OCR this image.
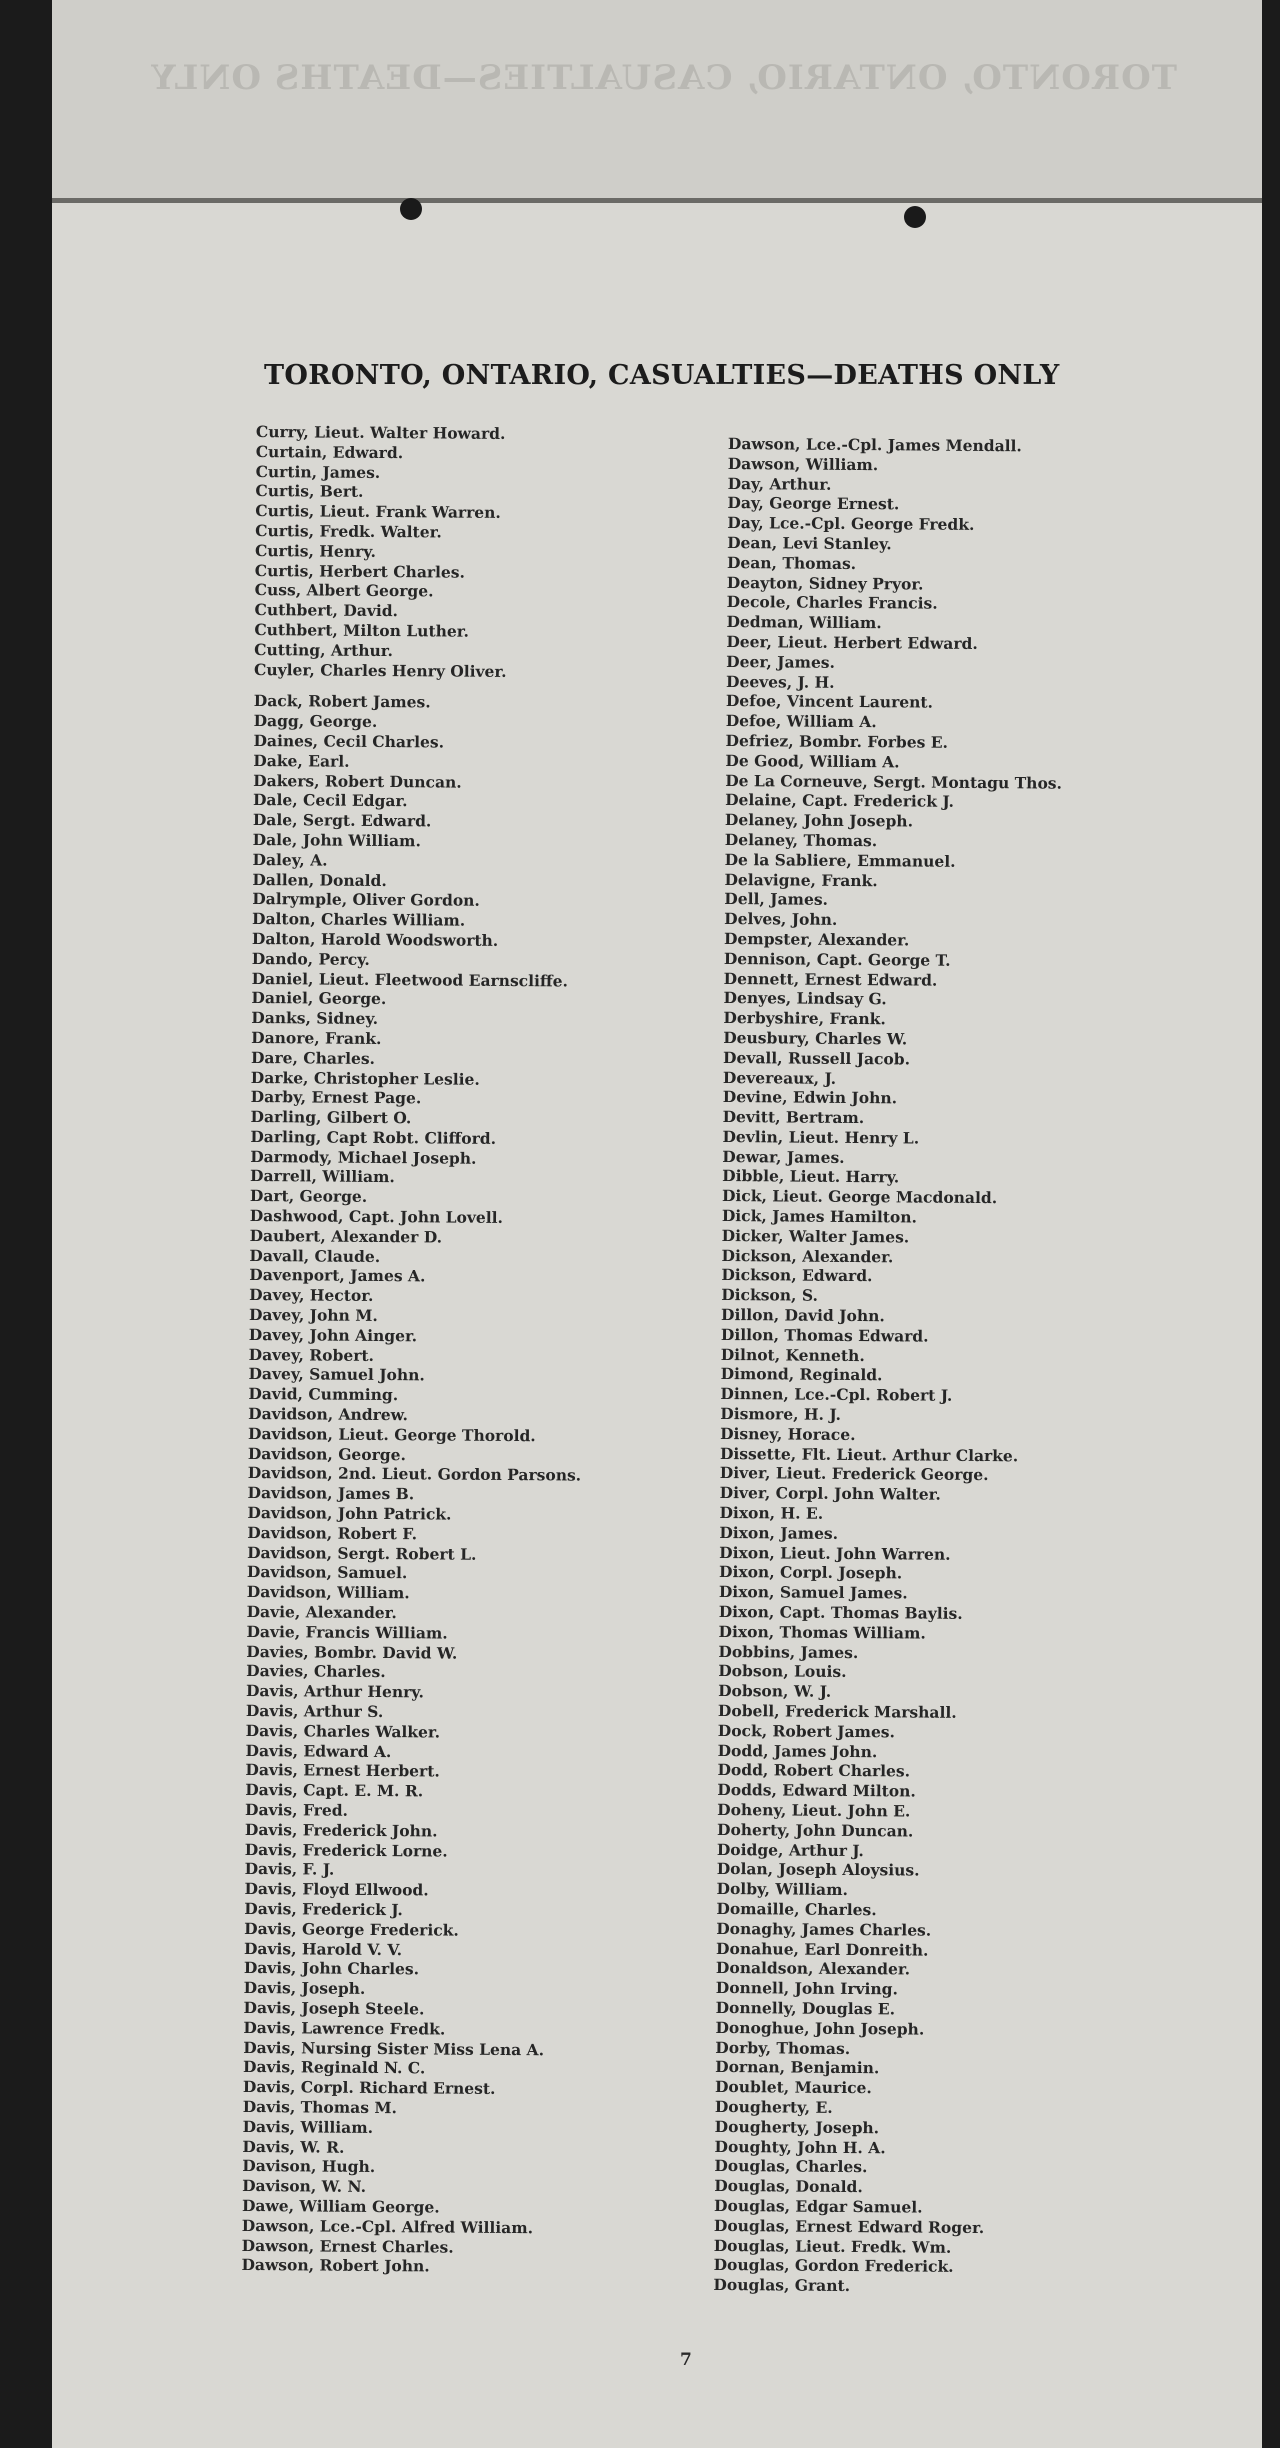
TORONTO, ONTARIO, CASUALTIES—DEATHS ONLY
TORONTO, ONTARIO, CASUALTIES—DEATHS ONLY
Curry, Lieut. Walter Howard.
Curtain, Edward.
Curtin, James.
Curtis, Bert.
Curtis, Lieut. Frank Warren.
Curtis, Fredk. Walter.
Curtis, Henry.
Curtis, Herbert Charles.
Cuss, Albert George.
Cuthbert, David.
Cuthbert, Milton Luther.
Cutting, Arthur.
Cuyler, Charles Henry Oliver.
Dack, Robert James.
Dagg, George.
Daines, Cecil Charles.
Dake, Earl.
Dakers, Robert Duncan.
Dale, Cecil Edgar.
Dale, Sergt. Edward.
Dale, John William.
Daley, A.
Dallen, Donald.
Dalrymple, Oliver Gordon.
Dalton, Charles William.
Dalton, Harold Woodsworth.
Dando, Percy.
Daniel, Lieut. Fleetwood Earnscliffe.
Daniel, George.
Danks, Sidney.
Danore, Frank.
Dare, Charles.
Darke, Christopher Leslie.
Darby, Ernest Page.
Darling, Gilbert O.
Darling, Capt Robt. Clifford.
Darmody, Michael Joseph.
Darrell, William.
Dart, George.
Dashwood, Capt. John Lovell.
Daubert, Alexander D.
Davall, Claude.
Davenport, James A.
Davey, Hector.
Davey, John M.
Davey, John Ainger.
Davey, Robert.
Davey, Samuel John.
David, Cumming.
Davidson, Andrew.
Davidson, Lieut. George Thorold.
Davidson, George.
Davidson, 2nd. Lieut. Gordon Parsons.
Davidson, James B.
Davidson, John Patrick.
Davidson, Robert F.
Davidson, Sergt. Robert L.
Davidson, Samuel.
Davidson, William.
Davie, Alexander.
Davie, Francis William.
Davies, Bombr. David W.
Davies, Charles.
Davis, Arthur Henry.
Davis, Arthur S.
Davis, Charles Walker.
Davis, Edward A.
Davis, Ernest Herbert.
Davis, Capt. E. M. R.
Davis, Fred.
Davis, Frederick John.
Davis, Frederick Lorne.
Davis, F. J.
Davis, Floyd Ellwood.
Davis, Frederick J.
Davis, George Frederick.
Davis, Harold V. V.
Davis, John Charles.
Davis, Joseph.
Davis, Joseph Steele.
Davis, Lawrence Fredk.
Davis, Nursing Sister Miss Lena A.
Davis, Reginald N. C.
Davis, Corpl. Richard Ernest.
Davis, Thomas M.
Davis, William.
Davis, W. R.
Davison, Hugh.
Davison, W. N.
Dawe, William George.
Dawson, Lce.-Cpl. Alfred William.
Dawson, Ernest Charles.
Dawson, Robert John.
Dawson, Lce.-Cpl. James Mendall.
Dawson, William.
Day, Arthur.
Day, George Ernest.
Day, Lce.-Cpl. George Fredk.
Dean, Levi Stanley.
Dean, Thomas.
Deayton, Sidney Pryor.
Decole, Charles Francis.
Dedman, William.
Deer, Lieut. Herbert Edward.
Deer, James.
Deeves, J. H.
Defoe, Vincent Laurent.
Defoe, William A.
Defriez, Bombr. Forbes E.
De Good, William A.
De La Corneuve, Sergt. Montagu Thos.
Delaine, Capt. Frederick J.
Delaney, John Joseph.
Delaney, Thomas.
De la Sabliere, Emmanuel.
Delavigne, Frank.
Dell, James.
Delves, John.
Dempster, Alexander.
Dennison, Capt. George T.
Dennett, Ernest Edward.
Denyes, Lindsay G.
Derbyshire, Frank.
Deusbury, Charles W.
Devall, Russell Jacob.
Devereaux, J.
Devine, Edwin John.
Devitt, Bertram.
Devlin, Lieut. Henry L.
Dewar, James.
Dibble, Lieut. Harry.
Dick, Lieut. George Macdonald.
Dick, James Hamilton.
Dicker, Walter James.
Dickson, Alexander.
Dickson, Edward.
Dickson, S.
Dillon, David John.
Dillon, Thomas Edward.
Dilnot, Kenneth.
Dimond, Reginald.
Dinnen, Lce.-Cpl. Robert J.
Dismore, H. J.
Disney, Horace.
Dissette, Flt. Lieut. Arthur Clarke.
Diver, Lieut. Frederick George.
Diver, Corpl. John Walter.
Dixon, H. E.
Dixon, James.
Dixon, Lieut. John Warren.
Dixon, Corpl. Joseph.
Dixon, Samuel James.
Dixon, Capt. Thomas Baylis.
Dixon, Thomas William.
Dobbins, James.
Dobson, Louis.
Dobson, W. J.
Dobell, Frederick Marshall.
Dock, Robert James.
Dodd, James John.
Dodd, Robert Charles.
Dodds, Edward Milton.
Doheny, Lieut. John E.
Doherty, John Duncan.
Doidge, Arthur J.
Dolan, Joseph Aloysius.
Dolby, William.
Domaille, Charles.
Donaghy, James Charles.
Donahue, Earl Donreith.
Donaldson, Alexander.
Donnell, John Irving.
Donnelly, Douglas E.
Donoghue, John Joseph.
Dorby, Thomas.
Dornan, Benjamin.
Doublet, Maurice.
Dougherty, E.
Dougherty, Joseph.
Doughty, John H. A.
Douglas, Charles.
Douglas, Donald.
Douglas, Edgar Samuel.
Douglas, Ernest Edward Roger.
Douglas, Lieut. Fredk. Wm.
Douglas, Gordon Frederick.
Douglas, Grant.
7
